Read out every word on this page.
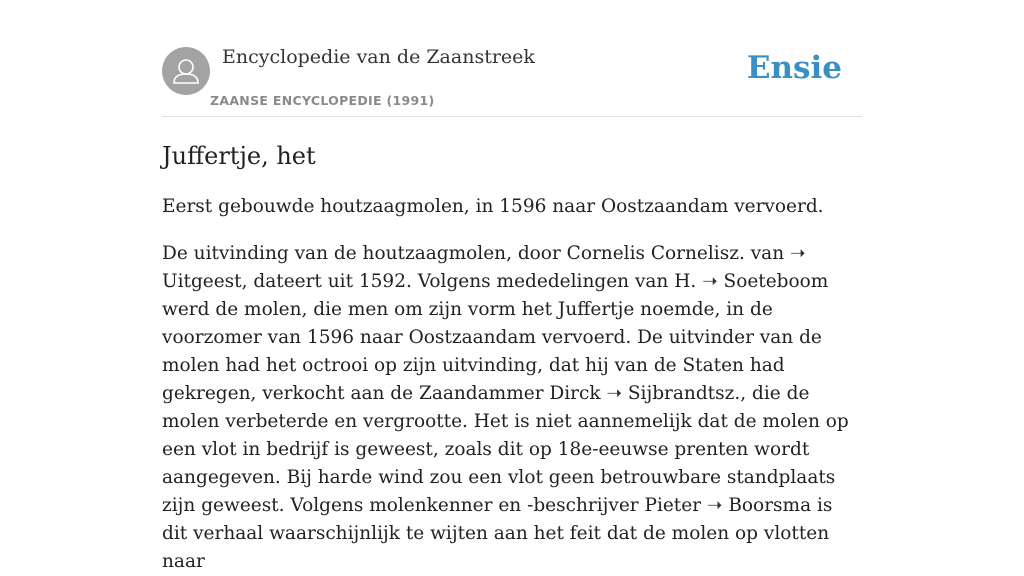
Encyclopedie van de Zaanstreek
ZAANSE ENCYCLOPEDIE (1991)
Ensie
Juffertje, het

Eerst gebouwde houtzaagmolen, in 1596 naar Oostzaandam vervoerd.

De uitvinding van de houtzaagmolen, door Cornelis Cornelisz. van ➝ Uitgeest, dateert uit 1592. Volgens mededelingen van H. ➝ Soeteboom werd de molen, die men om zijn vorm het Juffertje noemde, in de voorzomer van 1596 naar Oostzaandam vervoerd. De uitvinder van de molen had het octrooi op zijn uitvinding, dat hij van de Staten had gekregen, verkocht aan de Zaandammer Dirck ➝ Sijbrandtsz., die de molen verbeterde en vergrootte. Het is niet aannemelijk dat de molen op een vlot in bedrijf is geweest, zoals dit op 18e-eeuwse prenten wordt aangegeven. Bij harde wind zou een vlot geen betrouwbare standplaats zijn geweest. Volgens molenkenner en -beschrijver Pieter ➝ Boorsma is dit verhaal waarschijnlijk te wijten aan het feit dat de molen op vlotten naar
